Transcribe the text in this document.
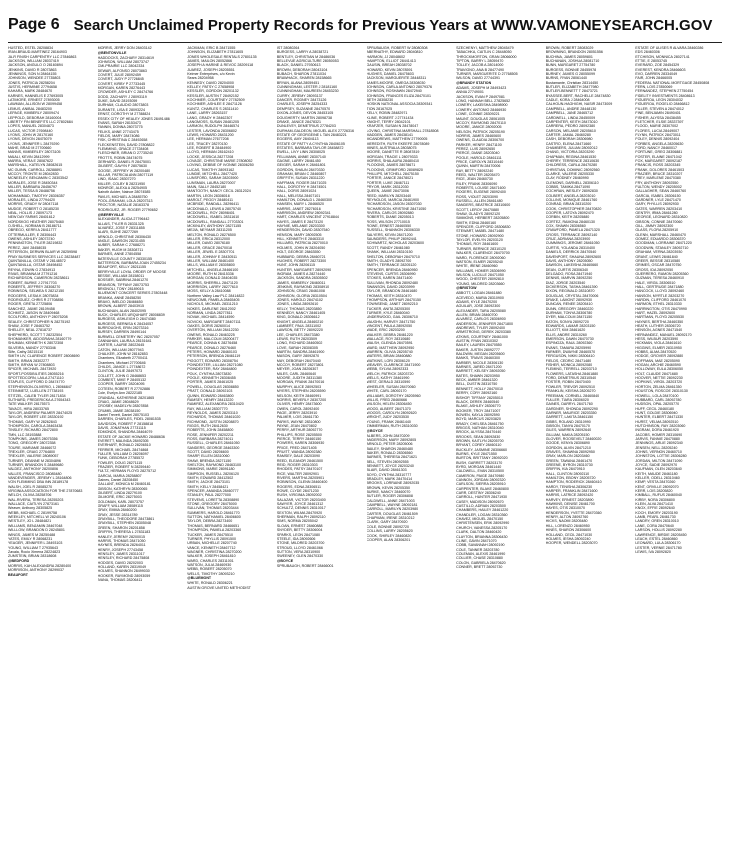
Page 6 Search Unclaimed Property Records for Previous Years at WWW.VAMONEYSEARCH.GOV
HUSTED, ESTEL 28208834
IRAN-BRAUD-MARTINEZ 28164903
JA-R FINISH CARPENTRY LLC 27846863
JACKSON, WILLIAM 28037419
JACKSON, ANGULO O 28160894
JENKINS, DAVID R 28073863
JENNINGS, SON N 28464155
JOHNSON, WENDEE 27735803
JONES, PATRICIA 28258204
JUSTIS, HERMINIE 27794658
KAHARA, MARK 28484670
KARNES, HANNELIS E 27693005
LATIMORE, ERNEST 27893005
LAWMAN, ALLISON W 28099458
LEMUS, ANIBAL 28483200
LEPAGE, KIMBERLY 28009474
LEPPOLD, DEBORAH 28160004
LIBERTY FIN BENEFITS LLC 27802684
LOPES, MANUEL 28304873
LUCAS, VICTOR 27698440
LYONS, JOHN W 28170160
LYONS, DEVON 28475079
LYONS, JENNIFER L 28479290
MAHE, BRAD M 27700660
MANNS, KIMBERLEY 28073105
MAIALI, KEVIN 28412999
MARRA, VERA E 28087622
MARSHALL, KATELYN 28082615
MC GUINN, CARROLL 28288891
MCCOY, TRONTE M 28042830
MCNEELEY, BENJAMIN C 28303542
MORALES, JOSE R 28450344
MILLER, BARBARA 28456797
MILLER, TESSA B 28488756
MOHAMMAD, TIMOTHY 28306357
MORALES, LINDA 27794420
MORRIS, GRADY W 28047118
MUDGE, ROBERT O 28185230
NEAL, HOLLIS J 28097173
NEW DAY FARMS 28401612
NORDSKOG HEATHER 28075460
O-SHELL, NORMAN B 28186711
OBREGO, KERRI A 28411777
OTTERMULLER, E 28306443
OWENS, ASHLEY 28073740
PENNINGTON, TYLER 28219832
PEREZ, JAVI 28458035
PETERSON, DERWIN BLAIR W 28259598
PRAY BUSINESS SERVICES LLC 28238487
QUINTANILLA, OSTAR V 28148572
QUINTANILLA, OSTAR 28498452
REYNA, EDWIN G 27834913
RIVAS, BRIANNA M 27791216
RICHARDSON, CAMERON 28238611
ROBERT, BURKE J 27917703
ROBERTS, JEFFREY 28308270
ROBINSON, SELWEA S 28212150
RODGERS, LESIA K 28075834
RODRIGUEZ, CHRIS R 27708856
ROGER, GRETA 27725806
SANCHEZ, JAIME 28109458
SCHMITZ, JASON W 28409468
SCOLFORD, ANTHONY P 28075208
SEALEY, CHRISTOPHER N 28275192
SHAW, JOSE F 28463752
SHELLEY, NEAL 27818737
SHEPHERD, SCOTT T 28232504
SHOMANKER, AIDOGRAHA 28160779
SHUMAN, KENNETH K 28072308
SILVEIRA, MANDY 27783346
Slife, Cathy 28215110
SMITH LIV, CLARENCE ROBERT 28008690
SMITH, BRIAN 28302277
SMITH, BRYAN W 27808803
SPICER, MICHAEL 28473920
SPORT-POSSIBILITIES 28055216
SPOTTEDCORN, LAILA 27471110
STAPLES, CLIFFORD D 28474770
STEPHENSON-OLIVERIO, L 28066847
STEINMETZ, LUELLEN 27738193
STITZEL, CALEB TYLER 28171834
SUTHARD, FREDERICKA A 27654343
TATE WALKER 28175573
TAVACS, HIRA 28033765
TAYLOR, ANDREW PALMER 28474025
TAYLOR, ROBERT LEE 28330192
THOMAS, GARY W 28262843
THOMPSON, CAROLA 28463438
TINSLEY, RICHARD 28472800
TMN, LLC 28192888
TOMPKINS, JAMES 28075356
TONG, GREGORY 28072358
TOURE, MARIAME 28466072
TREXLER, CRAIG 27764800
TREXLER, VALERIE 28089057
TURNER, DEANNE M 28304896
TURNER, BRANDON S 28489680
VALDEZ, ANTHONY 28200806
VALLES, FRANCISCO 28085480
VANDEVENDER, JEREMY L 28164806
VON FLEMMING DBA INN 28189178
WALSH, JOEL R 28085270
VIRGINIA ASSOCIATION FOR THE 27870683
WELCH, OLIVIA 28258706
WAL-RIVERA, TERESA 28255203
WALLACE, CAITLYN 27873161
Weaver, Anthony 28305825
WEBB, MICHAEL C 28199758
WEEKLEY, MITCHELL W 28240106
WESTLEY, JO L 28484821
WILLIAMS, BENJAMIN 28467048
WILLLOW, BRANDON D 28245801
WINGS, JAMES M 28250488
YATES, EMILY R 28068231
YEAGER, JENNIFER L 28493103
YOUNG, WILLIAM T 27935643
Zavala, Rocio Ximena 28224823
ZUMSTEIN, BRIAN 28318608
@BEDFORD
MORRIS, KAH ALEXANDRA 28280400
MORRISON, ANTHONY 28299037
BEAUFORT
MORRIS, JERRY DON 28403142
@BENTONVILLE
HADDOCKS, ZACHARY 28314619
JOHNSON, WILLIAM 28073747
CMI-PRAIRIE LLC 28042334
DEWAR, ALFONSO 28073863
COVERT, JULIE 28092459
COVERT, JUDY P 27726845
COVERT, KIRBY P 27733445
MORGAN, KAREN 28276443
CROWDER, ASHLEY C 28474766
DODD, ZACHARY J 28093119
DUKE, DAVID 28193059
DURHAM, CLAUDIO 28073803
DURANTE, LISA E 28093224
ERNST, DOROTHY M 27788824
ESSEX CITY OF HEALEY JONES 28491486
EVANS, SARAH 28153473
FANNIN, DONNA 28073775
FELIKS, ANNE 27743475
FIELDS, MARY 28474086
FISK, CHRISTINA C 28492658
FLECKENSTEIN, DAVID 27808822
FLEMMING, GRACE 27728408
FLESCHNER, BRIAN D 27735240
FROTTS, ROBIN 28474075
GERHARD, DANIEL R 28475001
GILBERT, GAVYN F 28075630
GOOSE, JEFFREY W 28200480
HILLAR, PATRICIA ANN 28077119
LIND, ISAAC 28307270
MILLER, COLBY B 28231950
MONROE, ALEXA A 28254905
Nairoth Ackter, Nainoe 28074585
PAVLIS, MICHAEL A 28485750
POOL-GRAHAM, LOLA 28207313
PROCTOR, NATALIE 28163378
RODRIGUEZ, JR. ROGER 27790652
@BERRYVILLE
ALEXANDER, ALICIA 27796442
ALLAIS, TYLER B 28331325
ALVAREZ, JOSE F 28311855
ALARI, SUIHE 28277269
ARNOLD, CHRISTINE 28306430
ANGLE, DAWSON 28231455
AUBER, SARAH C 27688271
BAKER, HUGH M 28308711
BARNES, ANNE 27804558
BATESVILLE COUNTY 28330155
BATTERSON, BARBARA JOAN 27455234
BEAUFORT, KELLY 28211155
BERRYVILLE LOYAL ORDER OF MOOSE
BESSIE, WILLIAM 28158011
BOSSIER, SABRINA 28461270
BRANSON, TIFFANY 28073753
BRIGNOLI, TONY 28189015
BLUEMONT CONCERT SERIES 27803448
BRANKA, ANNE 28458250
BRAVO, IMELDO 28466650
BROWN, ALBERT 28403915
BUCHANAN, ALAN 28402095
BUCK, CHARLES URQUHART 28008839
BURGESS, ASHLEIGH D 28474380
BURGESS, BERNISA K 28434057
BURROUGHS, ERIN 28273316
BURSEY, DARREN 28490144
BURWELL CEMETERY INC 28207057
CANNAHAN, LAURA A 28151641
CARTER, LAURIE 28022645
CATON, WILLIAM 28077943
CHALKER, JOHN W 28162853
Chambers, Elizabeth 27700411
Chambers, Michael 27700646
CHILDS, JANICE L 27748672
CLINTON, JULIE 28497073
COLLETT, JOHN G 28468653
COMBEST, MIKE P 28405132
COOPER, BARRY 28204095
COTEEN, ROBERT R 27702886
Cole, Evelyn Ann 28222185
CRANDAL, KATHERINE 28201865
CRAIG, JAMIE 28048629
CROSBY, MADELYN 28307858
CRUMB, JAMIE 28038150
Daniel Trevett, Daniel 28075103
DARREN, CHARLES, FIDEL 28081535
DAVIDSON, ROBERT F 28158818
DAVIS, JONATHAN 27731115
EDMONDS, SHANDRA 28464079
ESTATE OF JACKIE HOWARD 28488636
EVERETT, MALINDA 28492305
EVERHART, RONALD 28206510
FERRIER, MICHAEL 28474868
FULLER, WILLIAM D 28206097
FUNK, DEBORAH 27785572
FOWLER, DOUG 28271115
FRAZIER, ROBERT N 28259440
FULTZ, HERMAN FLOYD 28275712
GARCIA, MARIA 28258807
Gaines, Daniel 28208450
GALLANT, MONICA M 28460181
GIBSON, KATHRYN 28300065
GILBERT, LINDA 28279100
GILMORE, ERIC 28275003
GOLDMAN, KARL 28073757
GRAFF, WILLIAM 28089115
GRAY, EMMA 28460200
GRAY, JESSE 28314789
GRAYBILL, THEODORE 28473861
GRAYBILL, STEPHEN 28305048
GREEN, SHARON 28201858
GRIFFIN, THERESA L 27831183
HANLEY, JEREMY 28200015
HARRIS, THOMAS 28471050
HAYNES, BRENDA 28264011
HENRY, JOSEPH 27743458
HENSLEY, JAMES 28311017
HENSLEY, RICHARD 28475808
HODGES, DAVID 28202003
HOLLAND, KAREN 28319049
HOLMES, SHANNON 28499030
HOOKER, RAYMOND 28093059
IVANA, THOMAS 28206411
JACKMAN, ERIC B 28471555
JOHNSON, ELIZABETH 27811605
JONES WHOLESALE RENTALS 27801135
JAMES, MAILON 28052866
JOSEPH A HARINE & REVOC 28209118
JUAREZ, JOSEPH 28205551
Keimer Enterprises, c/o Kevin
Sears 28204958
KENNEDY, DAVID 28204000
KELLEY, PATSY C 27658908
KESSLER, GORDON 28201132
KESSLER, AUSTIN T 28492152
KOCHMER, COURTNEY 27782509
KOCHMER, ASHLEE E 28471126
KUNTZ, CHARLES S 28311410
LANE, LARRY 28263157
LANG, GRADY H 28462307
LANGMOSS, SUSAN 28481205
LARMON, RUDOLPH 28446574
LESTER, LAVONDA 28306802
LEWIS, HOWARD 28431200
LEE, HERMAN 27677208
LEE, TRACEY 28270130
LEE, ROBERT B 28484900
LLOYD, HERMAN 28162410
LOCKE, JESSICA 28277208
LOVAGE, CHRISTINE MARIE 27808052
LOVING, DEBBIE OF IVONNE 28306250
LUCAS, TIMOTHY 28093162
LUNDIE, MITCHELL 28477420
LUNSFORD, SARAH 28203900
LUNSMAN, LAURA 28270007
MAIN, SALLY 28452180
MANTOOTH, NANCY CECIL 28312024
MARTIN, LEON 28308016
MAROLT, PEGGY 28480411
MCBRIDE, RANDALL 28296411
MCDONALD, LEWIS A 28075740
MCDOWELL, ROY 28098401
MCDOWELL, ISABEL 28311610
MCDOWELL, RANDALL 27703301
MCKINLEY, ANTHONY 28271155
MEJIA, NEYMAR 28311205
MELTON, RONALD 28276500
MILLER, ERICA 28312000
MILLER, DAVID 28076180
MILLER, GRACE 28470018
MILLER, JEWEL E 28307701
MILLER, JOHNNY E 28430511
MILLER, WILLIAM 28461400
MILLS, WILLIAM E 28305800
MITCHELL, ANGELA 28466100
MOORE, RUTH M 28415336
MORGAN, DONALD 28404035
MORRIS, SHERRILL 28471120
MORRISON, LARRY 28277610
MOSS, KELLY A 28410088
Northern Valley Law PLC 28414822
NEWCOMB, PAMELA 28465405
NICHOLS, MICHAEL 28311210
NOKES, DARLENE 28412002
NORMAN, LINDA 28277811
NOVAK, MICHAEL 28414590
NOVICKI, MARGARET 28407111
OAKES, DORIS 28260014
OVERTON, WILLIAM 28412230
OWENS, RONALD 28463225
PARKER, MALCOLM 28200477
PEARCE, DONNA K 28276458
PEARCE, DONALD 28276460
PETERS, HOWARD 28460103
PETERSON, BRENDA 28461119
PIGGOTT, EDWARD 28308754
POINDEXTER, LILLIAN 28271080
POINDEXTER, RAY 28464800
POLK, CYNTHIA 28073830
POOLE, KENNETH 28308455
PORTER, JAMES 28461025
POWELL, DOUGLAS 28308850
PRATT, DONALD 28092103
QUINN, EDWARD 28463800
RAMSEY, HENRY 28413220
RAMIREZ, ALEXANDRA 28310420
RAY, WILLIAM 28307770
REYNOLDS, JAMES 28203110
RICHARDS, THOMAS 28461020
RICHMOND, JUSTIN 28208870
RIGGS, RUTH 28412630
ROBERTS, JOHN 28458800
ROSE, JENNIFER 28202211
ROSS, BARBARA 28274011
RUSSELL, CHARLES 28461050
SANDERS, GEORGE 28463300
SCOTT, DAVID 28206600
SHARP, ELLEN 28310060
SHAW, BRENDA 28271150
SHELTON, RAYMOND 28463100
SIMMONS, MARIE 28091180
SIMPSON, RUSSELL 28206120
SMITH, EDWARD 28412502
SMITH, JACKIE 28473101
SMITH, KELLY 28458421
SPENCER, AMANDA 28460777
STANLEY, PAUL 28277000
STEVENS, LORETTA 28308890
STONE, GREGORY 28475000
SULLIVAN, THOMAS 28203444
SUMMERS, HAROLD 28461770
SUTTON, NATHANIEL 28406600
TAYLOR, DEBRA 28273400
THOMAS, BERNARD 28466651
THOMPSON, PAMELA 28203360
TUCKER, JAMES 28475510
TURNER, PHYLLIS 28091500
URBAN, MICHELLE 28207740
VANCE, KENNETH 28467712
WAGNER, CHRISTINA 28270200
WALKER, JOSEPH 28461810
WARD, CHARLES 28311001
WATSON, JULIA 28460930
WEBB, ROBERT 28205070
WELLS, TIMOTHY 28093210
@BLUEMONT
WHITE, RONALD 28306221
AUSTIN GROVE UNITED METHODIST
IST 28080264
BURGESS, LARRY A 28038721
BENTLEY, CHRISTIAN M 28486036
BELLEVUE AGRICULTURE 28050053
BLACK, DANIEL 27930613
BROWN, DEBORAH 28043104
BUBACH, SHARON 27811034
BRAWHACK, SHAREN 28158665
BRYAN, ALANA 28059451
CUNNINGHAM, LESTER J 28181160
CUNNINGHAM, MAUREEN 28453230
CURRY, JEREMY 28093137
DANCER, RODNEY 28473126
CHARLES, JOSEPH 28254333
DEMPSEY, SUZANNE 28470570
DIXON-JONES, DEVON 28453105
DOUGHERTY, MARTIN 28098738
DRAKE, JANICE 28478321
DUNLEVEY, DEMETRIUS 27784203
DURHAM-GALDEON, MIGUEL ALEX 27726316
ESTATE OF GEORGEINE L TAN 28483221
EGGERS, AMY 28404113
ESTATE OF PATTY A CYNTHIA 28406105
ESTATES, BARBARA TAYLOR 28458872
EWELL, LIVY LINN 28308025
FELLMANN, ANNIE 28307140
GAGNE, LARRY 28461450
GEIGER, SARAH K 28461801
GORDON, SHAUN 28470330
GRAHAM, BRIAN C 28460807
GRIFFITH, SUSAN 28311220
HAFFMAN, ROGER 28471025
HALL, DOROTHY H 28474501
HALL, DORIS 28091024
HALL, MELISSA 28407101
HAMILTON, DONALD L 28460300
HANSEN, MARY L 28466520
HARRIS, JANET 28276016
HARRISON, ANDREW 28092341
HART, CHARLES VINCENT 27918844
HAYES, JAMES E 28473120
HAYNIE, MELANIE 28203300
HENDERSON, DAVID 28307540
HENSON, MARY 28092505
HILL, KENNETH E 28463310
HILLIARD, PATRICIA 28270010
HOLMES, JOHN W 28204050
HOLT, GEORGE 28463550
HUBBARD, DEBRA 28460721
HUGHES, ROBERT 28273300
HUNT, JOHN 28206115
HUNTER, MARGARET 28092090
INGRAM, JAMES A 28274440
JACKSON, SANDRA 28305502
JAMES, KIMBERLY 28460011
JENKINS, RAYMOND 28308910
JOHNSON, CRAIG 28461008
JOHNSON, GLORIA 28310504
JONES, HAROLD 28474102
JONES, LINDA 28092610
KELLY, THOMAS 28203850
KENNEDY, NANCY 28461405
KING, DONALD 28306612
KNIGHT, ANGELA 28460210
LAMBERT, PAUL 28311002
LAWSON, BETTY 28092220
LEE, CHARLES 28473380
LEWIS, RUTH 28203509
LONG, RICHARD 28460502
LOVE, SARAH 28308305
MARTIN, SANDRA 28461900
MASON, GARY 28092870
MAY, DEBORAH 28470440
MCCOY, ROBERT 28273801
MEYER, JOAN 28206307
MILES, CARL 28460640
MOORE, JUDITH 28311380
MORGAN, FRANK 28470016
MURPHY, ALICE 28092503
MYERS, STEPHEN 28205590
NELSON, KEITH 28460991
NORRIS, BEVERLY 28307200
OLIVER, HENRY 28473600
OWEN, CAROL 28092400
PAGE, JERRY 28203910
PALMER, LOIS 28461730
PARKS, WAYNE 28310800
PAYNE, JEAN 28470802
PERRY, ARTHUR 28092770
PHILLIPS, ROSE 28205500
PIERCE, TERRY 28460150
POWERS, KAREN 28306930
PRICE, FRED 28471405
PRUITT, WANDA 28092380
RAMSEY, DALE 28203090
REED, ELEANOR 28461500
REID, ROGER 28310303
RHODES, PATSY 28470107
RICE, WALTER 28092901
RIVERS, MARTHA 28205901
ROBINSON, GLENN 28460400
ROGERS, EDNA 28306511
ROWE, CLYDE 28471230
RUSH, VIRGINIA 28092002
SALAZAR, VICTOR 28203400
SAWYER, JOYCE 28461312
SCHULTZ, DENNIS 28310017
SEXTON, WILMA 28470920
SHERMAN, RALPH 28092110
SIMS, NORMA 28205042
SLOAN, ERNEST 28460888
SNYDER, BETTY 28306004
SPARKS, LEON 28471080
STEELE, IDA 28092606
STONE, MILDRED 28203700
STROUD, LLOYD 28461066
SUTTON, VERA 28310900
SWEENEY, GLEN 28470330
@BOYCE
SPRUBAUGH, ROBERT 28466001
SPRUBAUGH, ROBERT W 28080308
ABERNATHY, EDWARD 28040810
HARMON, JJ 28048602
HAMPTON, ELLIOT 28441413
GAUSIN, BREAH 28038702
HOWARD, KEVIN 28078591
HUGHES, DANIEL 28475603
JACKSON, MARGUERITE 28448311
JAMES-MOORE, OMEGA 28308030
JOHNSON, CARLA ANTONIO 28079376
JOHNSON, ROSHAWN 28472940
JOHNSON, FRANCES ELIZA 28470101
BETH 28308230
HOSKIN NATIONAL ASSOCIA 28309341
TION 28167025
KELLY, ROBIN 28482971
KLINE, ROBERT J 27741434
KNIGHT, TERRY 28042101
KRAFZER, SUSAN N 28478047
LOVING, CHRISTINA MARSHALL 27818508
MADDEN, JAMES 28438141
MCANDREWS, MATTHEW 27790005
MEREDITH, RUTH EKEEFE 28078089
MINES, AUSTRALIA 28038075
MOORE, DANETTE R 28087819
MORGAN, TRACIE L 28079333
MORRIS, SHALAURA 28480410
PLOOGNS, JAMES 28078671
PLOOGNS, GRIMFORD 28089820
PHILLIPS, MITCHELL 28475150
PORTER, JANICE 28478021
PORTER, LUKE 28467111
PRYOR, MARK 28312030
QUEEN, JAMIE 28473006
REED, MARILYN 28203440
REYNOLDS, MARCIA 28461900
RICHARDSON, JASON 28307030
RICHARDSON, KRISTINE 28471050
RIVERA, CARLOS 28092880
ROBERTS, DIANE 28205013
ROSS, WILSON 27710015
ROWE, ERNEST 28460550
RUSSELL, SHANNON 28306330
SALYERS, KEVIN 28471200
SAUNDERS, PHILIP 28092441
SCHWARTZ, NICHOLAS 28203600
SCOTT, RANDY 28461080
SHANK, WILLIAM 28310150
SHELTON, DEBORAH 28470710
SMITH, GLADYS 28092700
SMITH, TERRANCE 28205120
SPENCER, BRENDA 28460950
STEVENS, CURTIS 28306990
STOKES, KAREN 28471400
SULLIVAN, RHONDA 28092480
SWANSON, DAVID 28203999
TAYLOR, BRANDON 28461680
THOMAS, KEITH 28310470
THOMPSON, ARTHUR 28470150
TOWNSEND, JANET 28092210
TUCKER, ANITA 28205300
TURNER, KYLE 28460040
UNDERWOOD, GAIL 28306710
VAUGHN, HARVEY 28471750
VINCENT, PAULA 28092050
WADE, ERIC 28203200
WALKER, DEBRA 28461220
WALLACE, ROY 28310680
WALSH, GLENDA 28470591
WARD, MATTHEW 28092950
WARREN, OLIVIA 28205740
WATERS, BRIAN 28460880
WATKINS, LORI 28306120
WEAVER, CLARENCE 28471900
WEBB, SYLVIA 28092333
WELCH, PATRICK 28203720
WELLS, KATHY 28461990
WEST, GERALD 28310590
WHEELER, SUSAN 28470060
WHITE, CARL 28092170
WILLIAMS, DOROTHY 28205960
WILLIS, FRED 28460666
WILSON, HELEN 28306450
WOOD, ALBERT 28471370
WOODS, CAROLYN 28092620
WRIGHT, JUDY 28203530
YOUNG, FRANK 28461440
ZIMMERMAN, RUTH 28310030
@BOYCE
ALBERS, JOHN 28470209
ANDERSON, MARY 28092805
ARNOLD, PETER 28205006
BAILEY, SHARON 28460480
BAKER, RONALD 28306560
BARNES, THERESA 28471621
BELL, STEVEN 28092555
BENNETT, JOYCE 28203240
BLAIR, DAVID 28461303
BOYD, CYNTHIA 28310777
BRADLEY, MARK 28470414
BROOKS, LORRAINE 28092035
BROWN, KEVIN 28205350
BURKE, NANCY 28460070
BUTLER, ROGER 28306808
CALDWELL, ANNE 28471003
CAMPBELL, WAYNE 28092181
CARROLL, MARILYN 28203980
CARTER, DOUGLAS 28461509
CHAPMAN, IRENE 28310212
CLARK, GARY 28470920
COLE, BONNIE 28092720
COLLINS, LARRY 28205620
COOK, SHIRLEY 28460820
COOPER, ALAN 28306201
SZECHENYI, MATTHEW 28045479
TABACHKA, CAITLIN C 28448050
THROCKMORTON, GRAN 28066000
TIPTON, BARRY L 28059470
TOLLEY, JACOB A 28014000
TRAVIGNO, ANA B 28477490
TURNER, MARGUERITE D 27768505
WILSON, DAVID 27744391
@BRANDY STATION
ADAMS, JOSEPH M 28493423
ANNIA 27749001
JACKSON, EVAN P 28497081
LONG, HANNAH BELL 27825652
LOWERY, LAKEISHA 28498900
LOWERY, ANTONIO 28466930
LOWE, CONNIE 28309221
MAUNT, DOUGLAS 28061005
MCCOY, RAYMOND 28470110
MOORE, JANICE 28092005
NELSON, PATRICK 28205190
NORRIS, JAMES 28460600
OWENS, CLAUDIA 28306700
PARKER, HENRY 28471100
PEREZ, LUIS 28092650
PIERCE, DIANE 28203040
POOLE, HAROLD 28461111
PRICE, CAROLYN 28310440
QUINN, MARTIN 28470006
RAY, BETTY 28092240
REED, WALTER 28205470
RICE, JEAN 28460730
RILEY, FRANK 28306090
ROBERTS, LOUISE 28471600
ROGERS, EUGENE 28092400
ROSS, VIOLET 28203090
RUSSELL, ALLEN 28461480
SANDERS, BEATRICE 28310600
SCOTT, LEROY 28470880
SHAW, GLADYS 28092120
SIMMONS, HERBERT 28205800
SMITH, EDNA 28460160
SPENCER, CLIFFORD 28306830
STEWART, MABEL 28471480
STONE, HOWARD 28092900
TAYLOR, EVELYN 28203120
THOMAS, ROY 28461600
TURNER, BERNICE 28310120
WALKER, CLARENCE 28470700
WARD, FLORENCE 28092060
WATSON, ELMER 28205240
WHITE, IRENE 28460960
WILLIAMS, HOMER 28306990
WILSON, LUCILLE 28471050
WOOD, CHESTER 28092810
YOUNG, MILDRED 28203660
@BRISTOW
ABBOTT, LOGAN 28461880
ACEVEDO, MARIA 28310900
ADAMS, KYLE 28470200
AGUILAR, JOSE 28092300
ALEXANDER, TARA 28205080
ALLEN, BRIAN 28460700
ALVAREZ, CARLOS 28306900
ANDERSON, JENNIFER 28471800
ANDREWS, TYLER 28092400
ARMSTRONG, DEREK 28203380
ATKINS, COURTNEY 28461000
AUSTIN, RYAN 28310302
BAILEY, LAUREN 28470550
BAKER, JUSTIN 28092777
BALDWIN, MEGAN 28205600
BANKS, TRAVIS 28460300
BARBER, NICOLE 28306130
BARNES, JARED 28471200
BARRETT, KELSEY 28092050
BATES, SHAWN 28203950
BECK, AMBER 28461320
BELL, DUSTIN 28310750
BENNETT, HOLLY 28470010
BERRY, CORY 28092160
BISHOP, TIFFANY 28205010
BLACK, DEREK 28460540
BLAKE, ASHLEY 28306770
BOOKER, TROY 28471007
BOWEN, KAYLA 28092590
BOYD, MARCUS 28203820
BRADY, CHELSEA 28461750
BRIGGS, NATHAN 28310040
BROCK, ALYSSA 28470440
BROOKS, SEAN 28092830
BROWN, KAITLYN 28205700
BRYANT, COREY 28460110
BUCKLEY, JASMINE 28306660
BURNS, KYLE 28471550
BURTON, BRITTANY 28092020
BUSH, GARRETT 28203170
BYRD, MORGAN 28461440
CALDWELL, EVAN 28310500
CAMERON, PAIGE 28470980
CANNON, JORDAN 28092320
CARLSON, SIERRA 28205910
CARPENTER, BLAKE 28460800
CARR, DESTINY 28306240
CARROLL, HUNTER 28471930
CASEY, MADISON 28092670
CASTILLO, ADRIAN 28203500
CHAMBERS, HAILEY 28461220
CHANDLER, LOGAN 28310360
CHAVEZ, MIGUEL 28470150
CHRISTENSEN, ERIK 28092990
CHURCH, VANESSA 28205170
CLARK, DALTON 28460420
CLAYTON, BRIANNA 28306430
CLINE, GAVIN 28471070
COBB, SAVANNAH 28092190
COLE, TANNER 28203780
COLEMAN, ALEXIS 28461990
COLLIER, CHASE 28310880
COLON, GABRIELA 28470620
CONNER, BRETT 28092730
BROWN, ROBERT 28083029
BROWNING, BRANDON 28051556
BUCHINA, JAMES 28059801
BUCHANAN, JOSHUA 28081710
BUNN, MARGARET 27754780
BURGESS, BONNIE 28455978
BURNEY, JAMES G 28055099
BURNS, RYAN 28061440
Bustamante, Christian 28314450
BUTLER, ELIZABETH 28477980
BUTLER-BENNETT T 28473721
BYASSEE-BERT, RACHELLE 28474830
CADLE, KORA J 28464008
CALHOUN-HAGHIGHI, NASIR 28473009
CAMPBELL, ANDRE 28448130
CAMPBELL, JANE 28465712
CARDWELL, LINDA 28450009
CARPENTER, KEITH 28473010
CARRERA, PEDRO 28092380
CARSON, MELANIE 28205610
CARTER, JAMAL 28460280
CASH, DEBORAH 28306980
CASTRO, ELENA 28471660
CHAMBERS, JULIAN 28092012
CHANG, VICTORIA 28203290
CHAPMAN, REGINA 28461530
CHERRY, TERRENCE 28310630
CHILDRESS, CARLA 28470280
CHRISTIAN, DOMINIC 28092560
CLARKE, VALERIE 28205330
CLAY, RODNEY 28460990
CLEMONS, DARNELL 28306110
COBBS, TAMIKA 28471090
COCHRAN, WESLEY 28092830
COLBERT, ANGELA 28203010
COLLINS, MONIQUE 28461760
CONRAD, BRIAN 28310200
COOK, CHRISTOPHER 28470820
COOPER, LATOYA 28092470
CORBIN, KEITH 28205880
CORTEZ, RAMONA 28460130
COX, SHAWN 28306560
CRAWFORD, PAMELA 28471320
CROSS, TERRANCE 28092140
CRUZ, ADRIANA 28203900
CUMMINGS, JEROME 28461050
CURTIS, YOLANDA 28310400
DANIELS, DERRICK 28470540
DAVENPORT, SHAUNA 28092600
DAVIS, ANTHONY 28205050
DAWSON, LAKEISHA 28460660
DEAN, CURTIS 28306340
DELGADO, ROSA 28471940
DENNIS, MARVIN 28092250
DIAZ, JORGE 28203540
DICKERSON, TASHA 28461390
DIXON, REGINALD 28310870
DOUGLAS, CRYSTAL 28470006
DRAKE, LAMONT 28092930
DUNCAN, RENEE 28205410
DUNN, GREGORY 28460220
DURHAM, TONYA 28306780
DYER, MALCOLM 28471150
EATON, SONYA 28092720
EDWARDS, LAMAR 28203150
ELLIOTT, KIM 28461620
ELLIS, ANDRE 28310260
EMERSON, DAWN 28470730
ESPINOZA, RAUL 28092360
EVANS, TAMARA 28205990
FARMER, DWAYNE 28460570
FERGUSON, NIKKI 28306410
FIELDS, CEDRIC 28471480
FISHER, MONICA 28092080
FLEMING, TERRELL 28203710
FLOWERS, LATASHA 28461880
FORD, DEMETRIUS 28310540
FOSTER, ROBIN 28470400
FOWLER, TREVOR 28092510
FRANKLIN, KEISHA 28205270
FREEMAN, CORNELL 28460840
FULLER, TIARA 28306020
GAINES, DARRYL 28471760
GARDNER, SHONDA 28092290
GARNER, MAURICE 28203350
GARRETT, LAKITA 28461150
GIBBS, ROLAND 28310990
GIBSON, TANYA 28470170
GILES, WARREN 28092640
GILLIAM, NAKIA 28205150
GLOVER, ROOSEVELT 28460020
GOODE, KENYA 28306890
GORDON, ALVIN 28471210
GRAVES, SHAWNA 28092950
GRAY, MARLON 28203460
GREEN, TAWANA 28461470
GREENE, BYRON 28310730
GRIFFIN, KIA 28470910
HALL, CLINTON 28092110
HAMILTON, EBONY 28205720
HAMPTON, RODERICK 28460410
HARDY, TENISHA 28306230
HARPER, FRANKLIN 28471600
HARRIS, LATRICE 28092420
HARVEY, ERNEST 28203890
HAWKINS, DENISE 28461700
HAYES, OTIS 28310070
HENDERSON, YVETTE 28470360
HENRY, ALTON 28092760
HICKS, NAOMI 28205480
HILL, LORENZO 28460950
HINES, SHARON 28306600
HOLLAND, CECIL 28471030
HOLMES, IESHA 28092240
HOOPER, WENDELL 28203070
ESTATE OF ULISES R ALVARA 28460286
EDS 28460306
ETCHISON, MONNICA 28027141
ETTIE, E 28053745
EVERARD, ZOE 28454329
EVEREST, KENDRA 28466603
EVO, DARREN 28334049
FAIR, JOHN 28466005
FEDERAL NATIONAL MORTGAGE 28450808
FERN, LOIS 27850069
FERNANDEZ, STEPHEN 27750454
FIDELITY INVESTMENTS 28408613
FIGUEROA, LEON 28304032
FIGUEROA, ROGELIO 28466812
FILLER, STEVEN A 28474012
FINE, BENJAMIN 28490401
FISHER, ALYSSA 28438455
FLETCHER, ELSIE 28337397
FLOOD, MARIE 28307002
FLORES, LUCIA 28449007
FLYNN, PATRICK 28473011
FOLEY, DENNIS 28092404
FORBES, ANGELA 28205630
FORD, NANCY 28460017
FORTUNE, GREG 28306881
FOSTER, ELAINE 28471042
FOX, MARGARET 28092187
FRANCIS, ROSS 28203345
FRANK, DOLORES 28461503
FRAZIER, BRUCE 28310207
FREY, MARLENE 28470380
FRY, ANTHONY 28092550
FULTON, WENDY 28205002
GALLAGHER, SEAN 28460760
GARCIA, ISABEL 28306150
GARDNER, LYLE 28471470
GARY, PHYLLIS 28092930
GATES, WARREN 28203410
GENTRY, IRMA 28461280
GEORGE, LEONARD 28310820
GIBSON, CONNIE 28470060
GILL, JIMMY 28092300
GLASS, FLORA 28205910
GLENN, MARSHALL 28460470
GOMEZ, EDUARDO 28306370
GOODMAN, LORRAINE 28471220
GOODWIN, STANLEY 28092710
GRAHAM, VERNA 28203930
GRANT, LEWIS 28461840
GREER, BESSIE 28310580
GRIMES, OSCAR 28470750
GROSS, IDA 28092050
GUERRERO, RAMON 28205360
GUZMAN, TERESA 28460910
HALE, VIRGIL 28306510
HALL, GERTRUDE 28471880
HANCOCK, LLOYD 28092460
HANSON, MYRTLE 28203270
HARDIN, CLIFFORD 28461070
HARMON, ETHEL 28310330
HARRINGTON, OTIS 28470990
HART, HAZEL 28092600
HARTMAN, FLOYD 28205530
HAYNES, BERTHA 28460350
HEATH, LUTHER 28306720
HENSON, AGNES 28471540
HERNANDEZ, MANUEL 28092170
HESS, WILBUR 28203590
HICKMAN, VIOLA 28461610
HIGGINS, ELMER 28310950
HOBBS, ALMA 28470520
HODGE, GROVER 28092880
HOFFMAN, MAE 28205090
HOGAN, ARCHIE 28460590
HOLLOWAY, EULA 28306050
HOLT, CLAUDE 28471680
HOOVER, NETTIE 28092230
HOPKINS, VIRGIL 28203720
HORTON, ZELMA 28461350
HOUSTON, ROSCOE 28310130
HOWELL, LOLA 28470100
HUBBARD, CARL 28092780
HUDSON, OPAL 28205770
HUFF, CECIL 28460180
HUNT, GOLDIE 28306940
HUNTER, ELBERT 28471330
HURST, VELMA 28092510
HUTCHINSON, RAY 28203060
INGRAM, DORA 28461920
JACOBS, HOMER 28310690
JARVIS, FANNIE 28470880
JENNINGS, ARLIE 28092340
JENSEN, NELL 28205240
JOHNS, VERNON 28460710
JOHNSTON, LOTTIE 28306280
JORDAN, MILTON 28471090
JOYCE, SADIE 28092970
KAUFMAN, OLEN 28203640
KEITH, MAUDE 28461180
KELLER, ODELL 28310460
KEMP, VESTA 28470260
KENT, ORVILLE 28092070
KERR, LOIS 28205820
KIMBALL, RUFUS 28460040
KIRBY, NORA 28306800
KLEIN, ALVA 28471410
KNOX, EFFIE 28092640
KOCH, EMORY 28203190
LAMB, PEARL 28461730
LANDRY, OREN 28310010
LANE, CORA 28470640
LARSON, HOLLIS 28092280
LAWRENCE, BIRDIE 28205450
LEACH, ESTEL 28460860
LEONARD, LULA 28306170
LESTER, VERNIE 28471780
LEWIS, IVA 28092820
